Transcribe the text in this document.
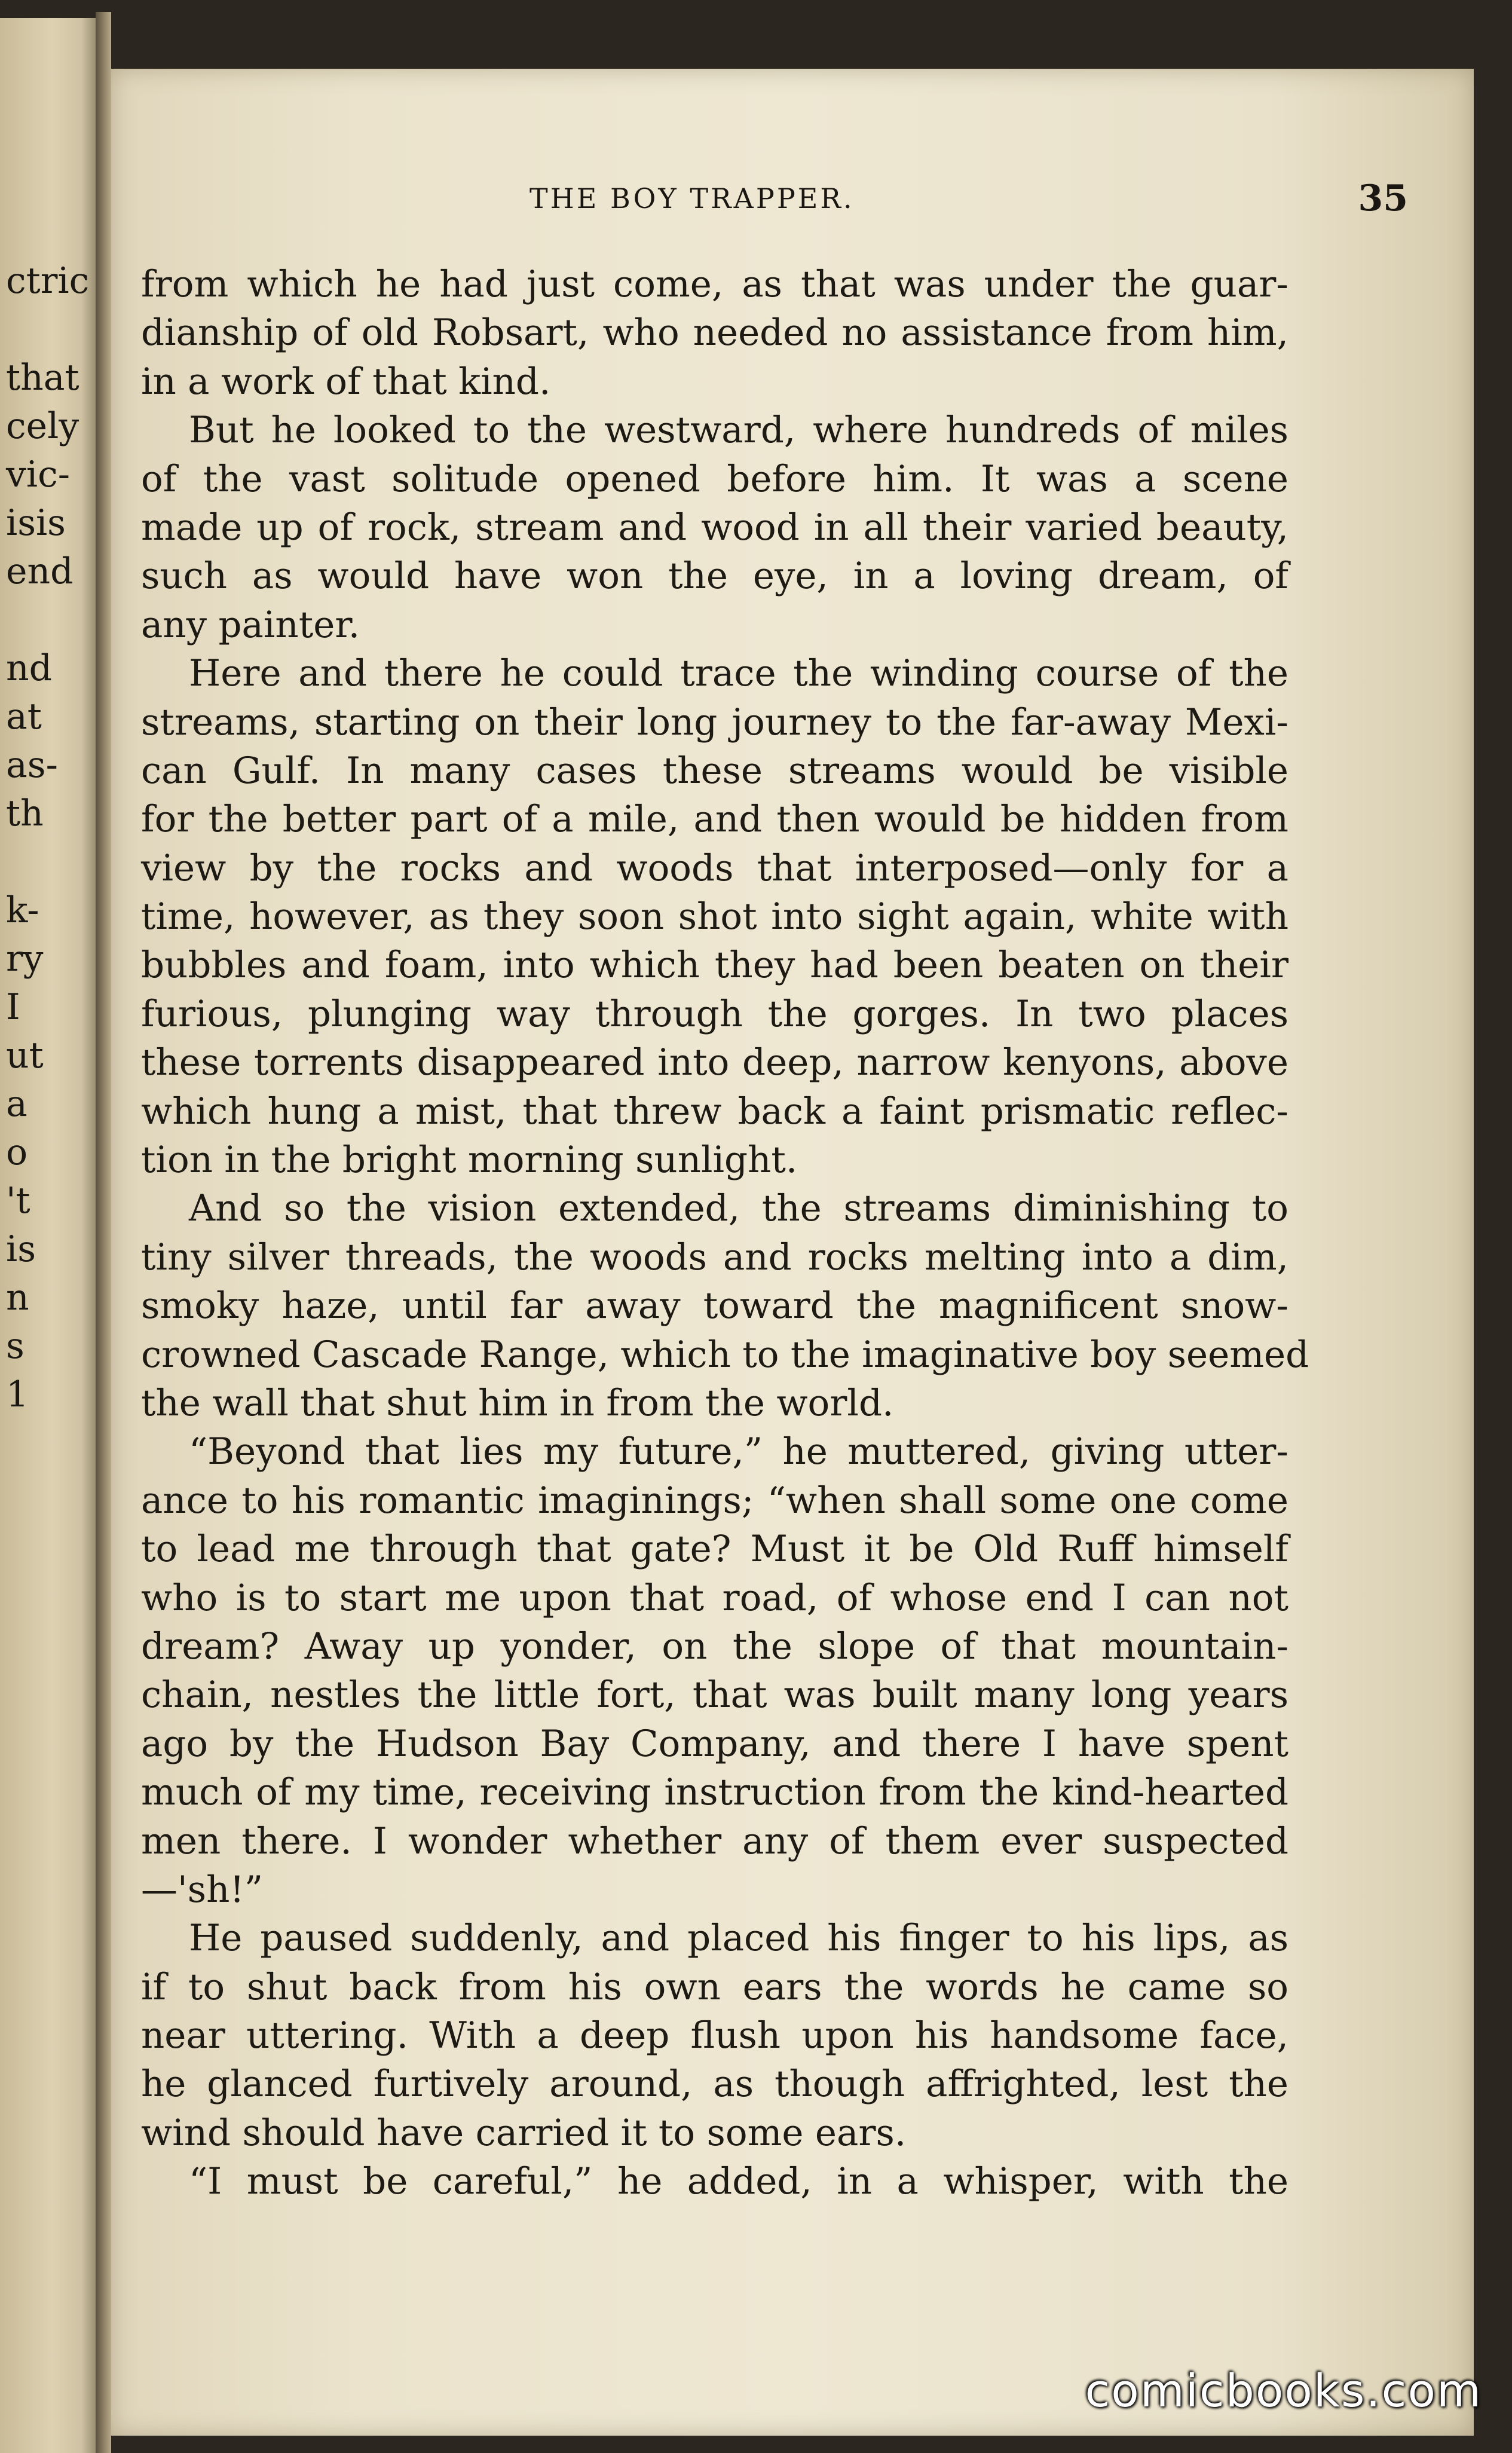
ctric
that
cely
vic-
isis
end
nd
at
as-
th
k-
ry
I
ut
a
o
't
is
n
s
1
THE BOY TRAPPER.	35
from which he had just come, as that was under the guar-
dianship of old Robsart, who needed no assistance from him,
in a work of that kind.
But he looked to the westward, where hundreds of miles
of the vast solitude opened before him. It was a scene
made up of rock, stream and wood in all their varied beauty,
such as would have won the eye, in a loving dream, of
any painter.
Here and there he could trace the winding course of the
streams, starting on their long journey to the far-away Mexi-
can Gulf. In many cases these streams would be visible
for the better part of a mile, and then would be hidden from
view by the rocks and woods that interposed—only for a
time, however, as they soon shot into sight again, white with
bubbles and foam, into which they had been beaten on their
furious, plunging way through the gorges. In two places
these torrents disappeared into deep, narrow kenyons, above
which hung a mist, that threw back a faint prismatic reflec-
tion in the bright morning sunlight.
And so the vision extended, the streams diminishing to
tiny silver threads, the woods and rocks melting into a dim,
smoky haze, until far away toward the magnificent snow-
crowned Cascade Range, which to the imaginative boy seemed
the wall that shut him in from the world.
“Beyond that lies my future,” he muttered, giving utter-
ance to his romantic imaginings; “when shall some one come
to lead me through that gate? Must it be Old Ruff himself
who is to start me upon that road, of whose end I can not
dream? Away up yonder, on the slope of that mountain-
chain, nestles the little fort, that was built many long years
ago by the Hudson Bay Company, and there I have spent
much of my time, receiving instruction from the kind-hearted
men there. I wonder whether any of them ever suspected
—'sh!”
He paused suddenly, and placed his finger to his lips, as
if to shut back from his own ears the words he came so
near uttering. With a deep flush upon his handsome face,
he glanced furtively around, as though affrighted, lest the
wind should have carried it to some ears.
“I must be careful,” he added, in a whisper, with the
comicbooks.com
